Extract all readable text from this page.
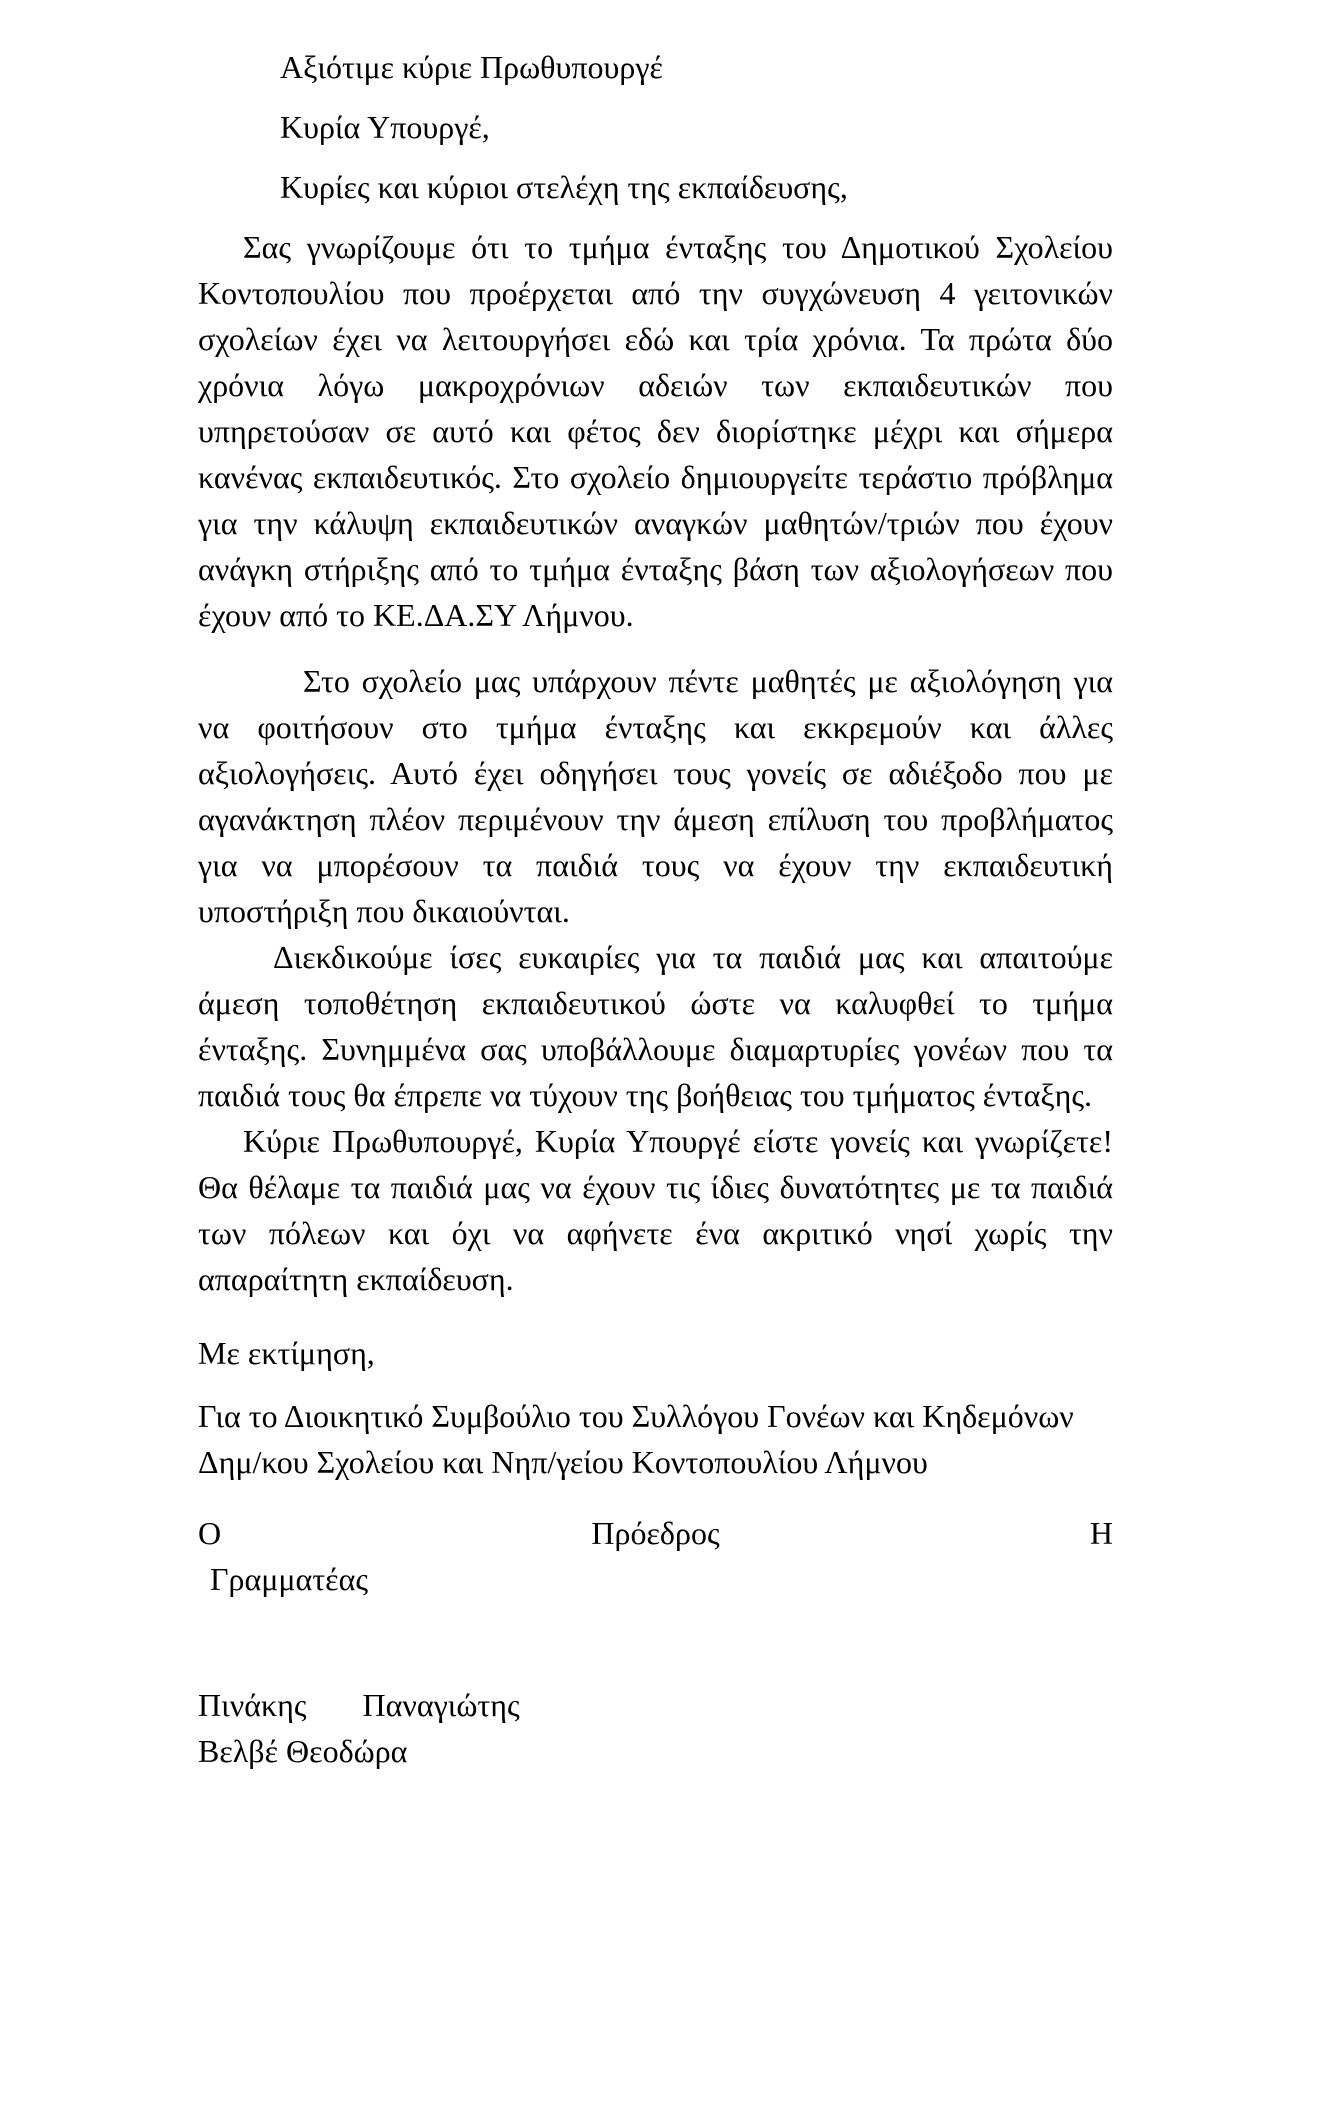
Αξιότιμε κύριε Πρωθυπουργέ

Κυρία Υπουργέ,

Κυρίες και κύριοι στελέχη της εκπαίδευσης,

Σας γνωρίζουμε ότι το τμήμα ένταξης του Δημοτικού Σχολείου Κοντοπουλίου που προέρχεται από την συγχώνευση 4 γειτονικών σχολείων έχει να λειτουργήσει εδώ και τρία χρόνια. Τα πρώτα δύο χρόνια λόγω μακροχρόνιων αδειών των εκπαιδευτικών που υπηρετούσαν σε αυτό και φέτος δεν διορίστηκε μέχρι και σήμερα κανένας εκπαιδευτικός. Στο σχολείο δημιουργείτε τεράστιο πρόβλημα για την κάλυψη εκπαιδευτικών αναγκών μαθητών/τριών που έχουν ανάγκη στήριξης από το τμήμα ένταξης βάση των αξιολογήσεων που έχουν από το ΚΕ.ΔΑ.ΣΥ Λήμνου.

Στο σχολείο μας υπάρχουν πέντε μαθητές με αξιολόγηση για να φοιτήσουν στο τμήμα ένταξης και εκκρεμούν και άλλες αξιολογήσεις. Αυτό έχει οδηγήσει τους γονείς σε αδιέξοδο που με αγανάκτηση πλέον περιμένουν την άμεση επίλυση του προβλήματος για να μπορέσουν τα παιδιά τους να έχουν την εκπαιδευτική υποστήριξη που δικαιούνται.

Διεκδικούμε ίσες ευκαιρίες για τα παιδιά μας και απαιτούμε άμεση τοποθέτηση εκπαιδευτικού ώστε να καλυφθεί το τμήμα ένταξης. Συνημμένα σας υποβάλλουμε διαμαρτυρίες γονέων που τα παιδιά τους θα έπρεπε να τύχουν της βοήθειας του τμήματος ένταξης.

Κύριε Πρωθυπουργέ, Κυρία Υπουργέ είστε γονείς και γνωρίζετε! Θα θέλαμε τα παιδιά μας να έχουν τις ίδιες δυνατότητες με τα παιδιά των πόλεων και όχι να αφήνετε ένα ακριτικό νησί χωρίς την απαραίτητη εκπαίδευση.

Με εκτίμηση,

Για το Διοικητικό Συμβούλιο του Συλλόγου Γονέων και Κηδεμόνων

Δημ/κου Σχολείου και Νηπ/γείου Κοντοπουλίου Λήμνου

Ο	Πρόεδρος	Η

Γραμματέας

Πινάκης Παναγιώτης

Βελβέ Θεοδώρα
